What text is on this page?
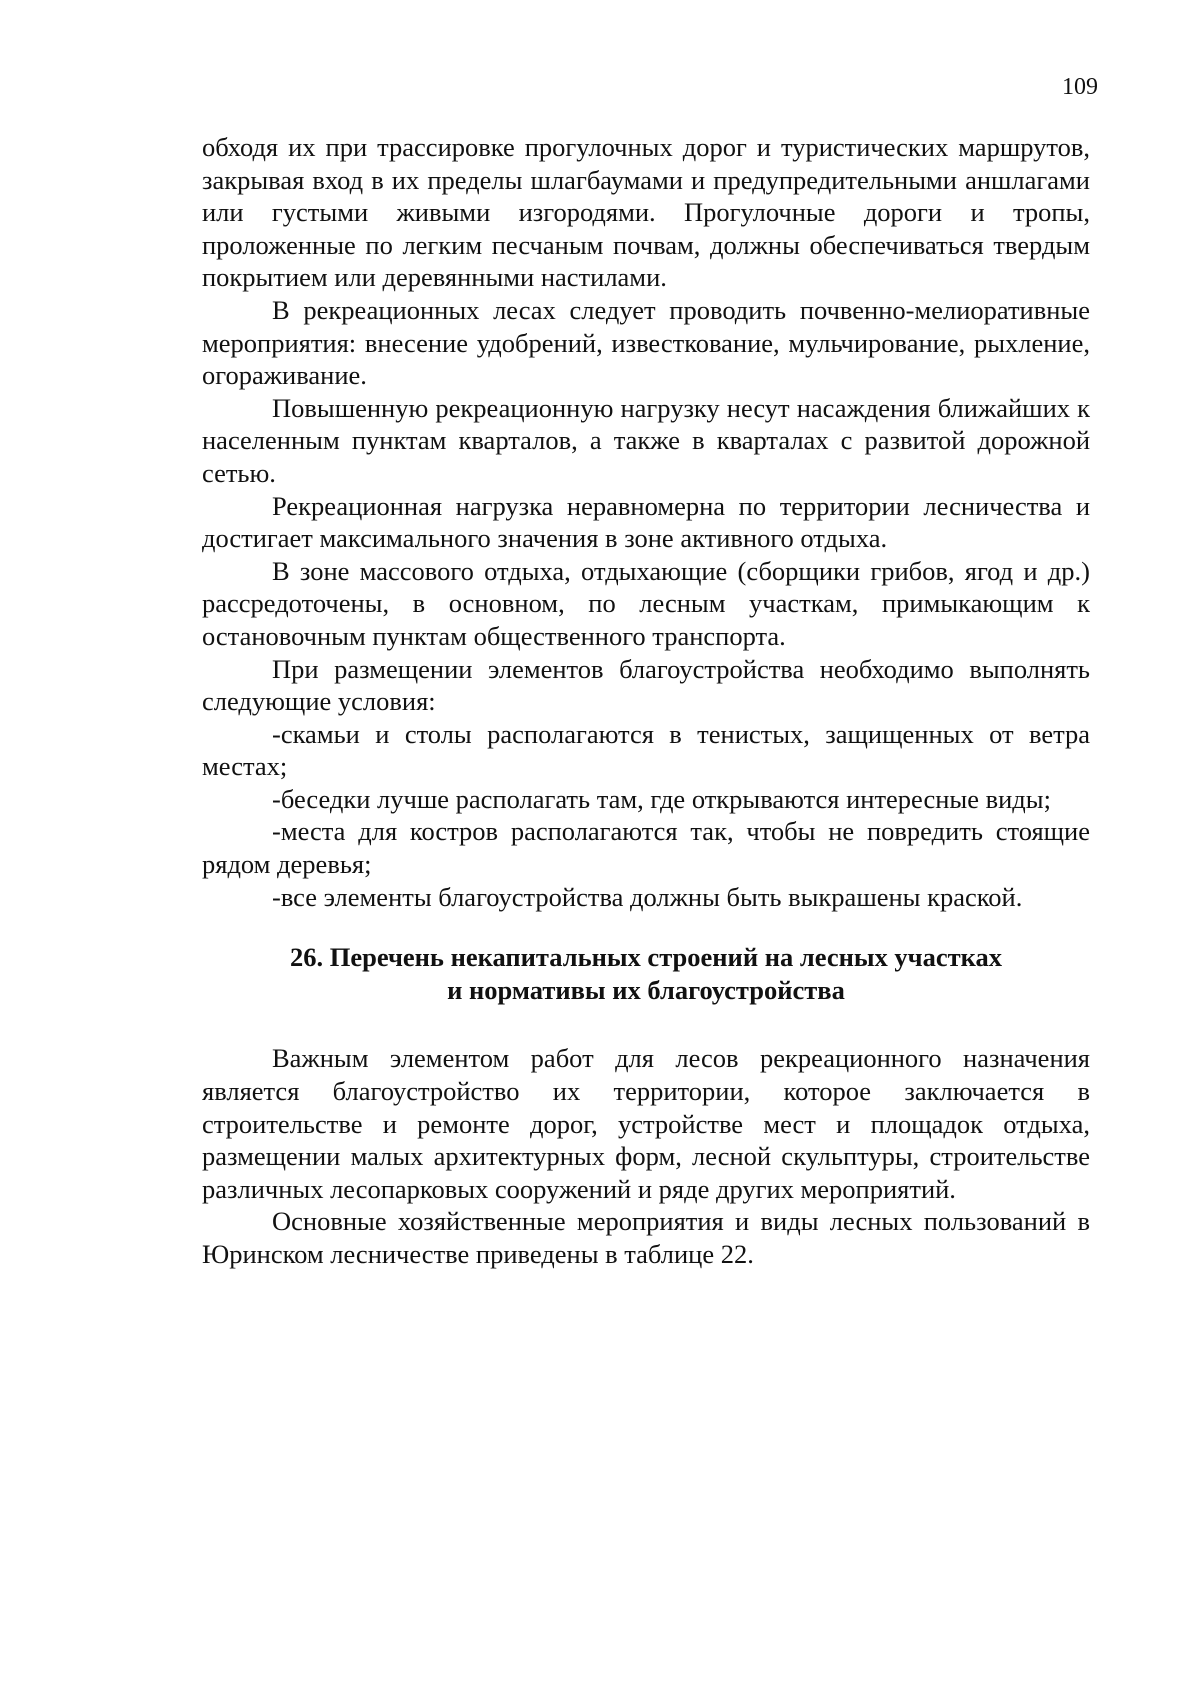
109

обходя их при трассировке прогулочных дорог и туристических маршрутов, закрывая вход в их пределы шлагбаумами и предупредительными аншлагами или густыми живыми изгородями. Прогулочные дороги и тропы, проложенные по легким песчаным почвам, должны обеспечиваться твердым покрытием или деревянными настилами.

В рекреационных лесах следует проводить почвенно-мелиоративные мероприятия: внесение удобрений, известкование, мульчирование, рыхление, огораживание.

Повышенную рекреационную нагрузку несут насаждения ближайших к населенным пунктам кварталов, а также в кварталах с развитой дорожной сетью.

Рекреационная нагрузка неравномерна по территории лесничества и достигает максимального значения в зоне активного отдыха.

В зоне массового отдыха, отдыхающие (сборщики грибов, ягод и др.) рассредоточены, в основном, по лесным участкам, примыкающим к остановочным пунктам общественного транспорта.

При размещении элементов благоустройства необходимо выполнять следующие условия:

-скамьи и столы располагаются в тенистых, защищенных от ветра местах;

-беседки лучше располагать там, где открываются интересные виды;

-места для костров располагаются так, чтобы не повредить стоящие рядом деревья;

-все элементы благоустройства должны быть выкрашены краской.

26. Перечень некапитальных строений на лесных участках
и нормативы их благоустройства

Важным элементом работ для лесов рекреационного назначения является благоустройство их территории, которое заключается в строительстве и ремонте дорог, устройстве мест и площадок отдыха, размещении малых архитектурных форм, лесной скульптуры, строительстве различных лесопарковых сооружений и ряде других мероприятий.

Основные хозяйственные мероприятия и виды лесных пользований в Юринском лесничестве приведены в таблице 22.
